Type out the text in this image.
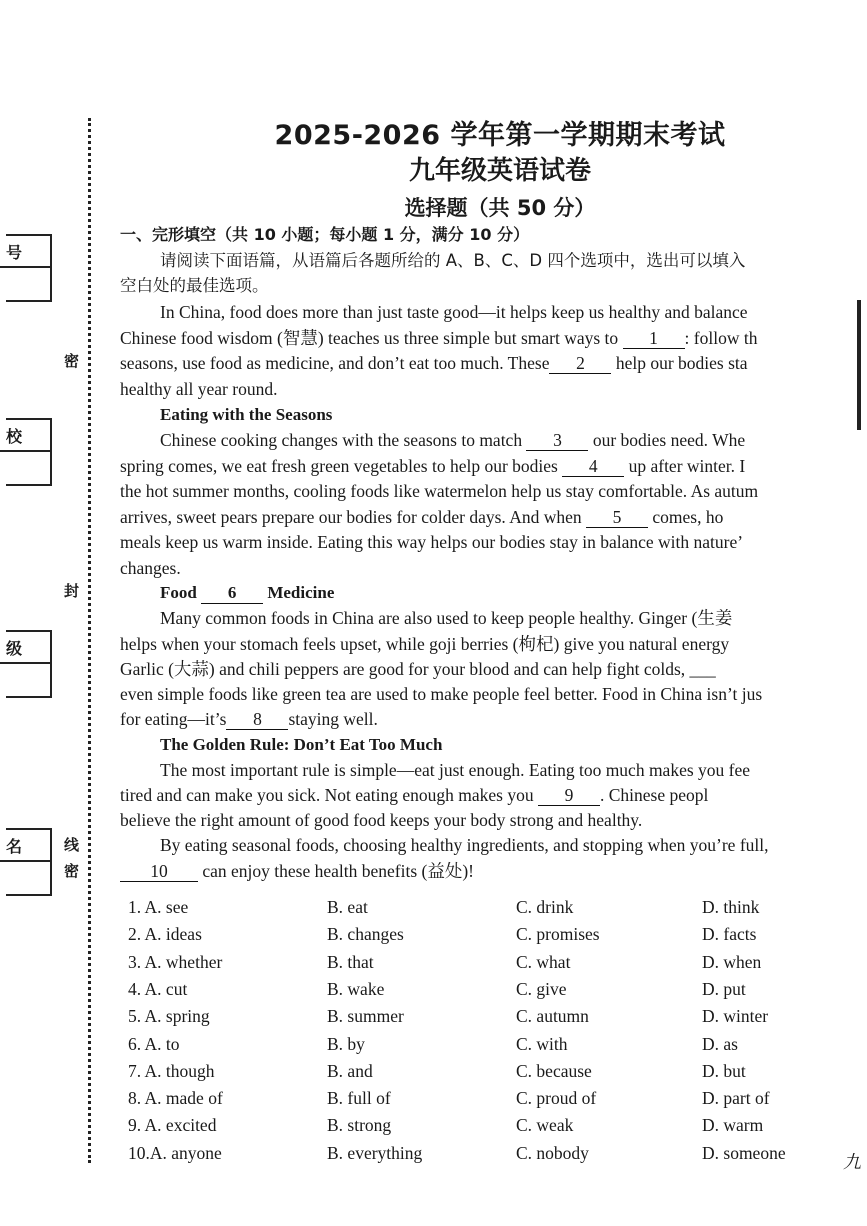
号
校
级
名
密
封
线
密
2025-2026 学年第一学期期末考试
九年级英语试卷
选择题（共 50 分）
一、完形填空（共 10 小题；每小题 1 分，满分 10 分）
请阅读下面语篇，从语篇后各题所给的 A、B、C、D 四个选项中，选出可以填入
空白处的最佳选项。
In China, food does more than just taste good—it helps keep us healthy and balance
Chinese food wisdom (智慧) teaches us three simple but smart ways to 1 : follow th
seasons, use food as medicine, and don’t eat too much. These 2 help our bodies sta
healthy all year round.
Eating with the Seasons
Chinese cooking changes with the seasons to match 3 our bodies need. Whe
spring comes, we eat fresh green vegetables to help our bodies 4 up after winter. I
the hot summer months, cooling foods like watermelon help us stay comfortable. As autum
arrives, sweet pears prepare our bodies for colder days. And when 5 comes, ho
meals keep us warm inside. Eating this way helps our bodies stay in balance with nature’
changes.
Food 6 Medicine
Many common foods in China are also used to keep people healthy. Ginger (生姜
helps when your stomach feels upset, while goji berries (枸杞) give you natural energy
Garlic (大蒜) and chili peppers are good for your blood and can help fight colds, ___
even simple foods like green tea are used to make people feel better. Food in China isn’t jus
for eating—it’s 8 staying well.
The Golden Rule: Don’t Eat Too Much
The most important rule is simple—eat just enough. Eating too much makes you fee
tired and can make you sick. Not eating enough makes you 9 . Chinese peopl
believe the right amount of good food keeps your body strong and healthy.
By eating seasonal foods, choosing healthy ingredients, and stopping when you’re full,
10 can enjoy these health benefits (益处)!
1. A. see	B. eat	C. drink	D. think
2. A. ideas	B. changes	C. promises	D. facts
3. A. whether	B. that	C. what	D. when
4. A. cut	B. wake	C. give	D. put
5. A. spring	B. summer	C. autumn	D. winter
6. A. to	B. by	C. with	D. as
7. A. though	B. and	C. because	D. but
8. A. made of	B. full of	C. proud of	D. part of
9. A. excited	B. strong	C. weak	D. warm
10.A. anyone	B. everything	C. nobody	D. someone	九
